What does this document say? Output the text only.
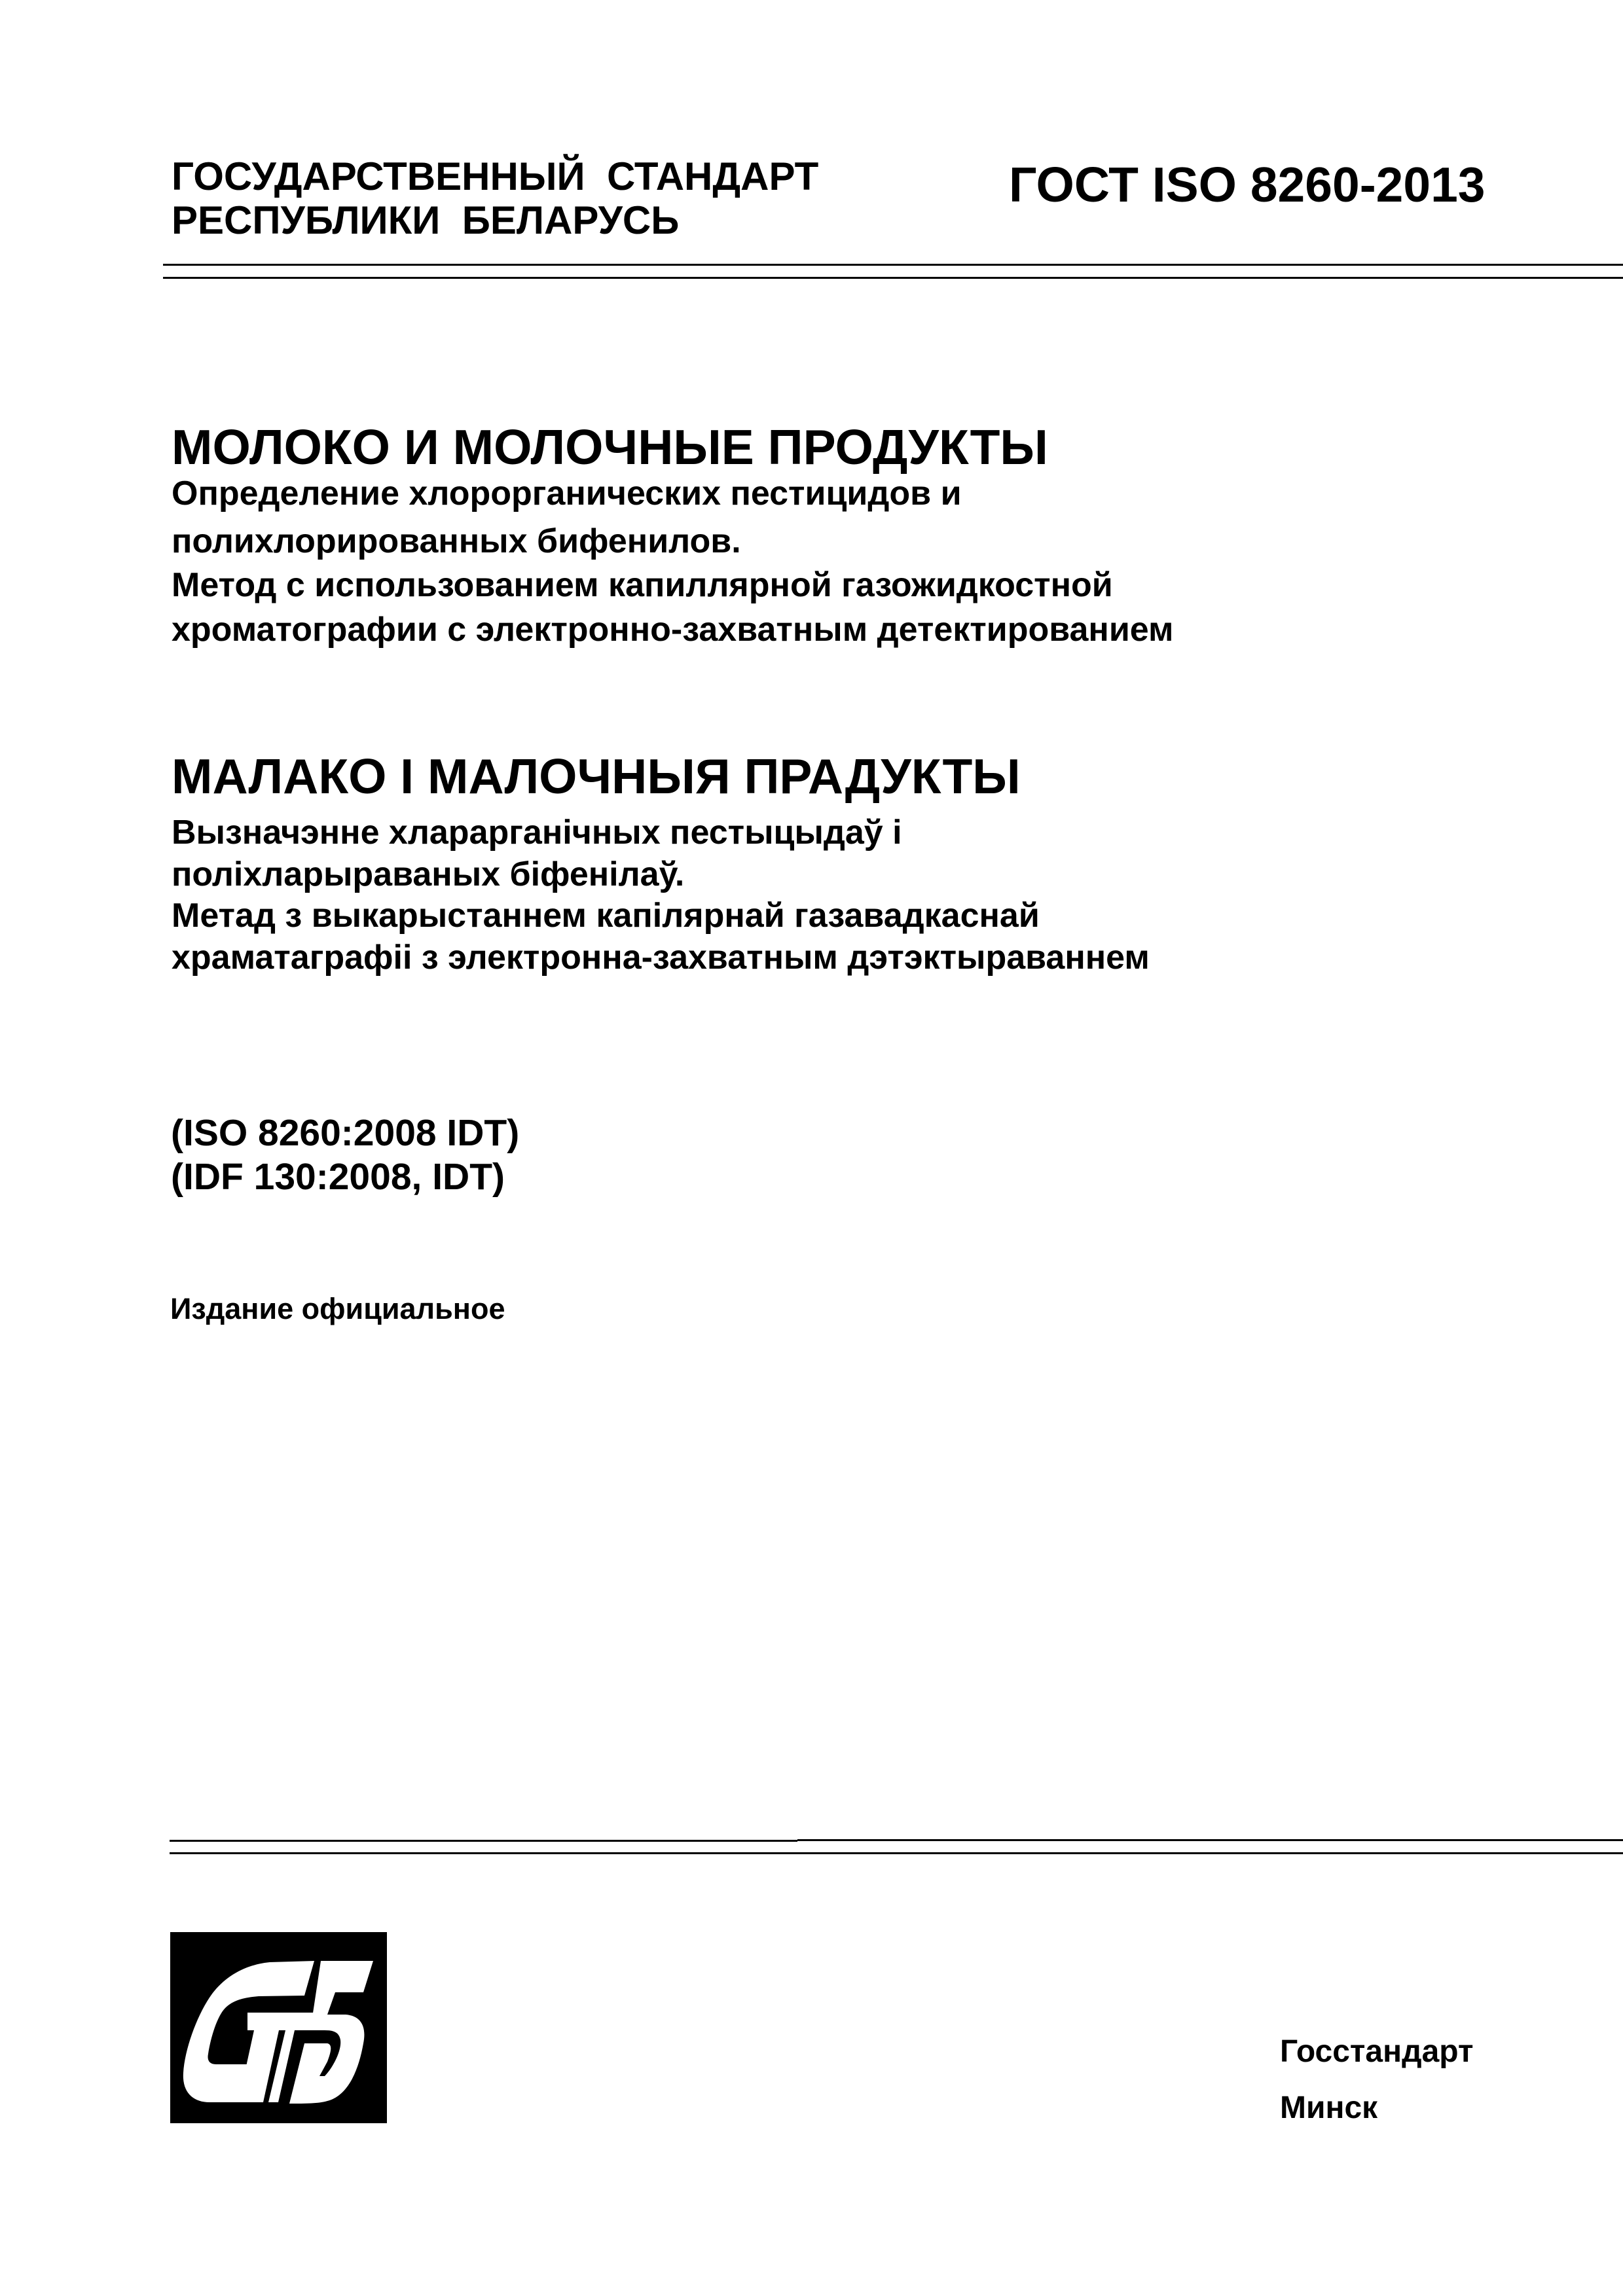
ГОСУДАРСТВЕННЫЙ  СТАНДАРТ
РЕСПУБЛИКИ  БЕЛАРУСЬ
ГОСТ ISO 8260-2013
МОЛОКО И МОЛОЧНЫЕ ПРОДУКТЫ
Определение хлорорганических пестицидов и
полихлорированных бифенилов.
Метод с использованием капиллярной газожидкостной
хроматографии с электронно-захватным детектированием
МАЛАКО І МАЛОЧНЫЯ ПРАДУКТЫ
Вызначэнне хларарганічных пестыцыдаў і
поліхларыраваных біфенілаў.
Метад з выкарыстаннем капілярнай газавадкаснай
храматаграфіі з электронна-захватным дэтэктыраваннем
(ISO 8260:2008 IDT)
(IDF 130:2008, IDT)
Издание официальное
Госстандарт
Минск
